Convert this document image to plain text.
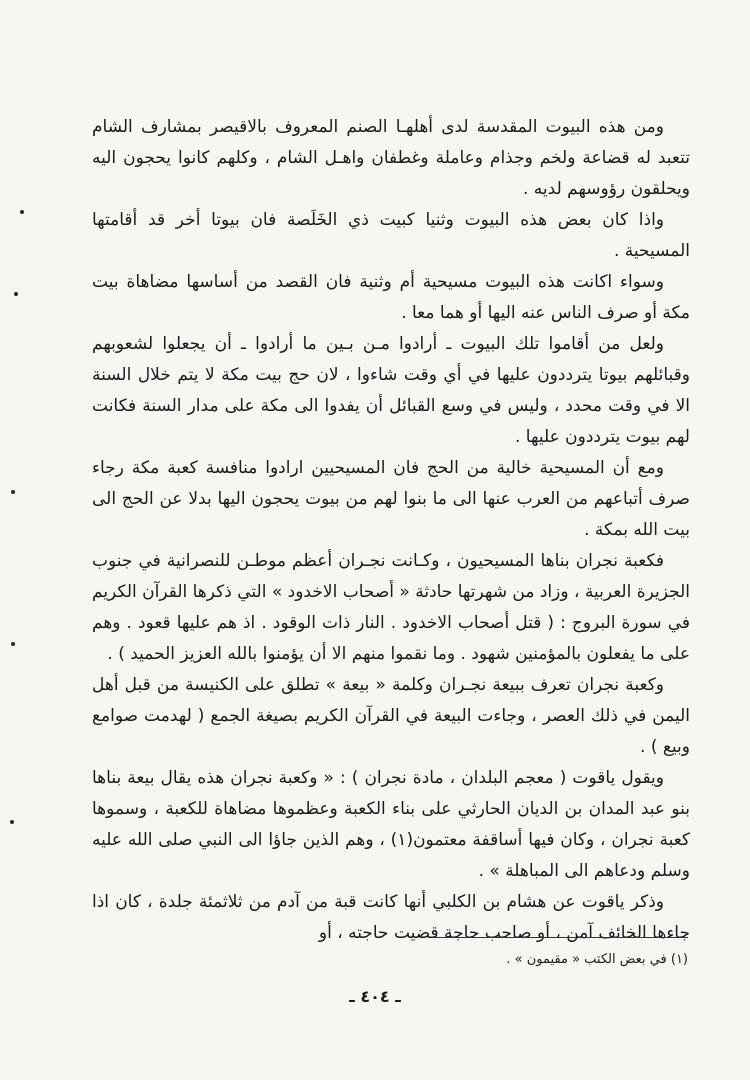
ومن هذه البيوت المقدسة لدى أهلهـا الصنم المعروف بالاقيصر بمشارف الشام تتعبد له قضاعة ولخم وجذام وعاملة وغطفان واهـل الشام ، وكلهم كانوا يحجون اليه ويحلقون رؤوسهم لديه .

واذا كان بعض هذه البيوت وثنيا كبيت ذي الخَلَصة فان بيوتا أخر قد أقامتها المسيحية .

وسواء اكانت هذه البيوت مسيحية أم وثنية فان القصد من أساسها مضاهاة بيت مكة أو صرف الناس عنه اليها أو هما معا .

ولعل من أقاموا تلك البيوت ـ أرادوا مـن بـين ما أرادوا ـ أن يجعلوا لشعوبهم وقبائلهم بيوتا يترددون عليها في أي وقت شاءوا ، لان حج بيت مكة لا يتم خلال السنة الا في وقت محدد ، وليس في وسع القبائل أن يفدوا الى مكة على مدار السنة فكانت لهم بيوت يترددون عليها .

ومع أن المسيحية خالية من الحج فان المسيحيين ارادوا منافسة كعبة مكة رجاء صرف أتباعهم من العرب عنها الى ما بنوا لهم من بيوت يحجون اليها بدلا عن الحج الى بيت الله بمكة .

فكعبة نجران بناها المسيحيون ، وكـانت نجـران أعظم موطـن للنصرانية في جنوب الجزيرة العربية ، وزاد من شهرتها حادثة « أصحاب الاخدود » التي ذكرها القرآن الكريم في سورة البروج : ( قتل أصحاب الاخدود . النار ذات الوقود . اذ هم عليها قعود . وهم على ما يفعلون بالمؤمنين شهود . وما نقموا منهم الا أن يؤمنوا بالله العزيز الحميد ) .

وكعبة نجران تعرف ببيعة نجـران وكلمة « بيعة » تطلق على الكنيسة من قبل أهل اليمن في ذلك العصر ، وجاءت البيعة في القرآن الكريم بصيغة الجمع ( لهدمت صوامع وبيع ) .

ويقول ياقوت ( معجم البلدان ، مادة نجران ) : « وكعبة نجران هذه يقال بيعة بناها بنو عبد المدان بن الديان الحارثي على بناء الكعبة وعظموها مضاهاة للكعبة ، وسموها كعبة نجران ، وكان فيها أساقفة معتمون(١) ، وهم الذين جاؤا الى النبي صلى الله عليه وسلم ودعاهم الى المباهلة » .

وذكر ياقوت عن هشام بن الكلبي أنها كانت قبة من آدم من ثلاثمئة جلدة ، كان اذا جاءها الخائف آمن ، أو صاحب حاجة قضيت حاجته ، أو

(١) في بعض الكتب « مقيمون » .
ـ ٤٠٤ ـ
